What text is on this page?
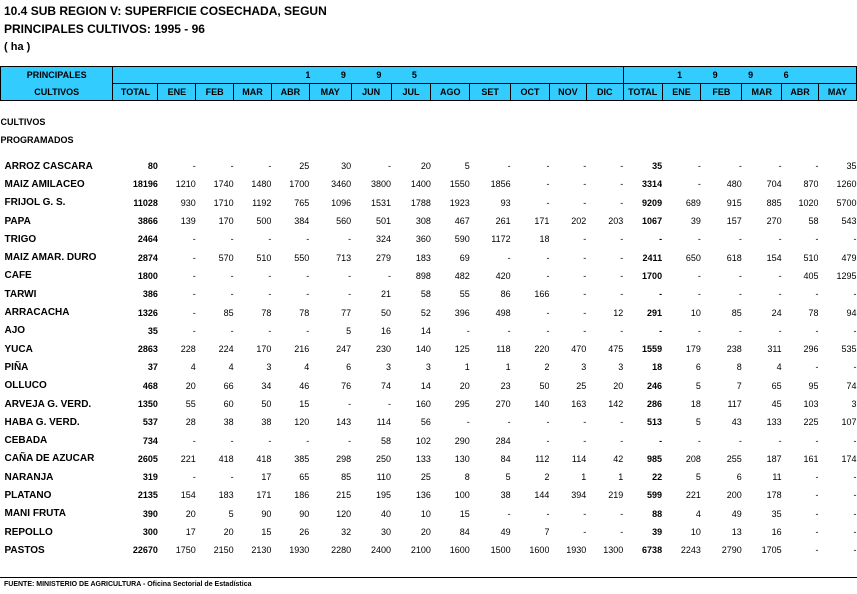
10.4 SUB REGION V: SUPERFICIE COSECHADA, SEGUN
PRINCIPALES CULTIVOS: 1995 - 96
( ha )
PRINCIPALES	1 9 9 5													1 9 9 6					
CULTIVOS	TOTAL	ENE	FEB	MAR	ABR	MAY	JUN	JUL	AGO	SET	OCT	NOV	DIC	TOTAL	ENE	FEB	MAR	ABR	MAY

CULTIVOS																			
PROGRAMADOS																			

ARROZ CASCARA	80	-	-	-	25	30	-	20	5	-	-	-	-	35	-	-	-	-	35
MAIZ AMILACEO	18196	1210	1740	1480	1700	3460	3800	1400	1550	1856	-	-	-	3314	-	480	704	870	1260
FRIJOL G. S.	11028	930	1710	1192	765	1096	1531	1788	1923	93	-	-	-	9209	689	915	885	1020	5700
PAPA	3866	139	170	500	384	560	501	308	467	261	171	202	203	1067	39	157	270	58	543
TRIGO	2464	-	-	-	-	-	324	360	590	1172	18	-	-	-	-	-	-	-	-
MAIZ AMAR. DURO	2874	-	570	510	550	713	279	183	69	-	-	-	-	2411	650	618	154	510	479
CAFE	1800	-	-	-	-	-	-	898	482	420	-	-	-	1700	-	-	-	405	1295
TARWI	386	-	-	-	-	-	21	58	55	86	166	-	-	-	-	-	-	-	-
ARRACACHA	1326	-	85	78	78	77	50	52	396	498	-	-	12	291	10	85	24	78	94
AJO	35	-	-	-	-	5	16	14	-	-	-	-	-	-	-	-	-	-	-
YUCA	2863	228	224	170	216	247	230	140	125	118	220	470	475	1559	179	238	311	296	535
PIÑA	37	4	4	3	4	6	3	3	1	1	2	3	3	18	6	8	4	-	-
OLLUCO	468	20	66	34	46	76	74	14	20	23	50	25	20	246	5	7	65	95	74
ARVEJA G. VERD.	1350	55	60	50	15	-	-	160	295	270	140	163	142	286	18	117	45	103	3
HABA G. VERD.	537	28	38	38	120	143	114	56	-	-	-	-	-	513	5	43	133	225	107
CEBADA	734	-	-	-	-	-	58	102	290	284	-	-	-	-	-	-	-	-	-
CAÑA DE AZUCAR	2605	221	418	418	385	298	250	133	130	84	112	114	42	985	208	255	187	161	174
NARANJA	319	-	-	17	65	85	110	25	8	5	2	1	1	22	5	6	11	-	-
PLATANO	2135	154	183	171	186	215	195	136	100	38	144	394	219	599	221	200	178	-	-
MANI FRUTA	390	20	5	90	90	120	40	10	15	-	-	-	-	88	4	49	35	-	-
REPOLLO	300	17	20	15	26	32	30	20	84	49	7	-	-	39	10	13	16	-	-
PASTOS	22670	1750	2150	2130	1930	2280	2400	2100	1600	1500	1600	1930	1300	6738	2243	2790	1705	-	-
FUENTE: MINISTERIO DE AGRICULTURA - Oficina Sectorial de Estadística
